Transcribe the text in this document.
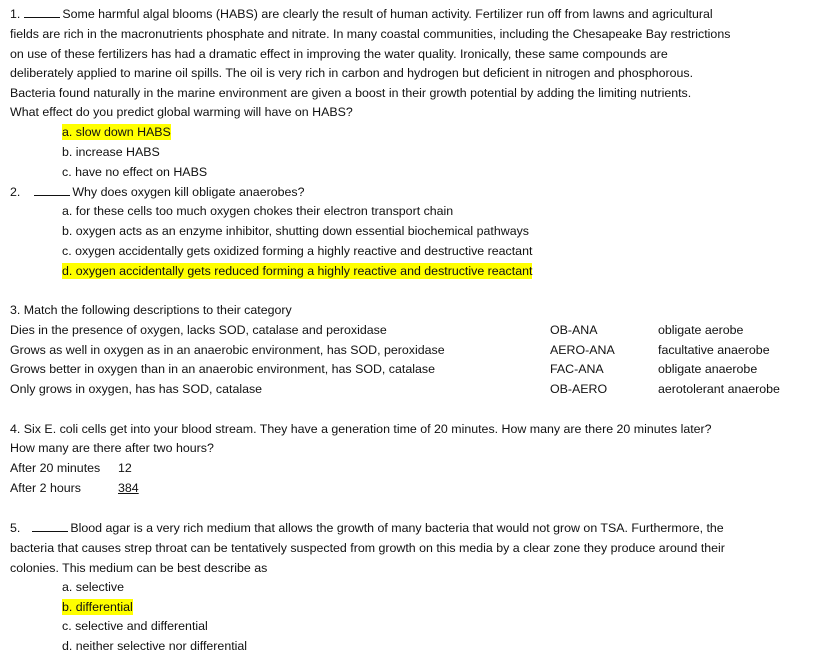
1.	Some harmful algal blooms (HABS) are clearly the result of human activity. Fertilizer run off from lawns and agricultural
fields are rich in the macronutrients phosphate and nitrate. In many coastal communities, including the Chesapeake Bay restrictions
on use of these fertilizers has had a dramatic effect in improving the water quality. Ironically, these same compounds are
deliberately applied to marine oil spills. The oil is very rich in carbon and hydrogen but deficient in nitrogen and phosphorous.
Bacteria found naturally in the marine environment are given a boost in their growth potential by adding the limiting nutrients.
What effect do you predict global warming will have on HABS?
a. slow down HABS
b. increase HABS
c. have no effect on HABS
2.	Why does oxygen kill obligate anaerobes?
a. for these cells too much oxygen chokes their electron transport chain
b. oxygen acts as an enzyme inhibitor, shutting down essential biochemical pathways
c. oxygen accidentally gets oxidized forming a highly reactive and destructive reactant
d. oxygen accidentally gets reduced forming a highly reactive and destructive reactant
3. Match the following descriptions to their category
Dies in the presence of oxygen, lacks SOD, catalase and peroxidase	OB-ANA	obligate aerobe
Grows as well in oxygen as in an anaerobic environment, has SOD, peroxidase	AERO-ANA	facultative anaerobe
Grows better in oxygen than in an anaerobic environment, has SOD, catalase	FAC-ANA	obligate anaerobe
Only grows in oxygen, has has SOD, catalase	OB-AERO	aerotolerant anaerobe
4. Six E. coli cells get into your blood stream. They have a generation time of 20 minutes. How many are there 20 minutes later?
How many are there after two hours?
After 20 minutes 12
After 2 hours	384
5.	Blood agar is a very rich medium that allows the growth of many bacteria that would not grow on TSA. Furthermore, the
bacteria that causes strep throat can be tentatively suspected from growth on this media by a clear zone they produce around their
colonies. This medium can be best describe as
a. selective
b. differential
c. selective and differential
d. neither selective nor differential
